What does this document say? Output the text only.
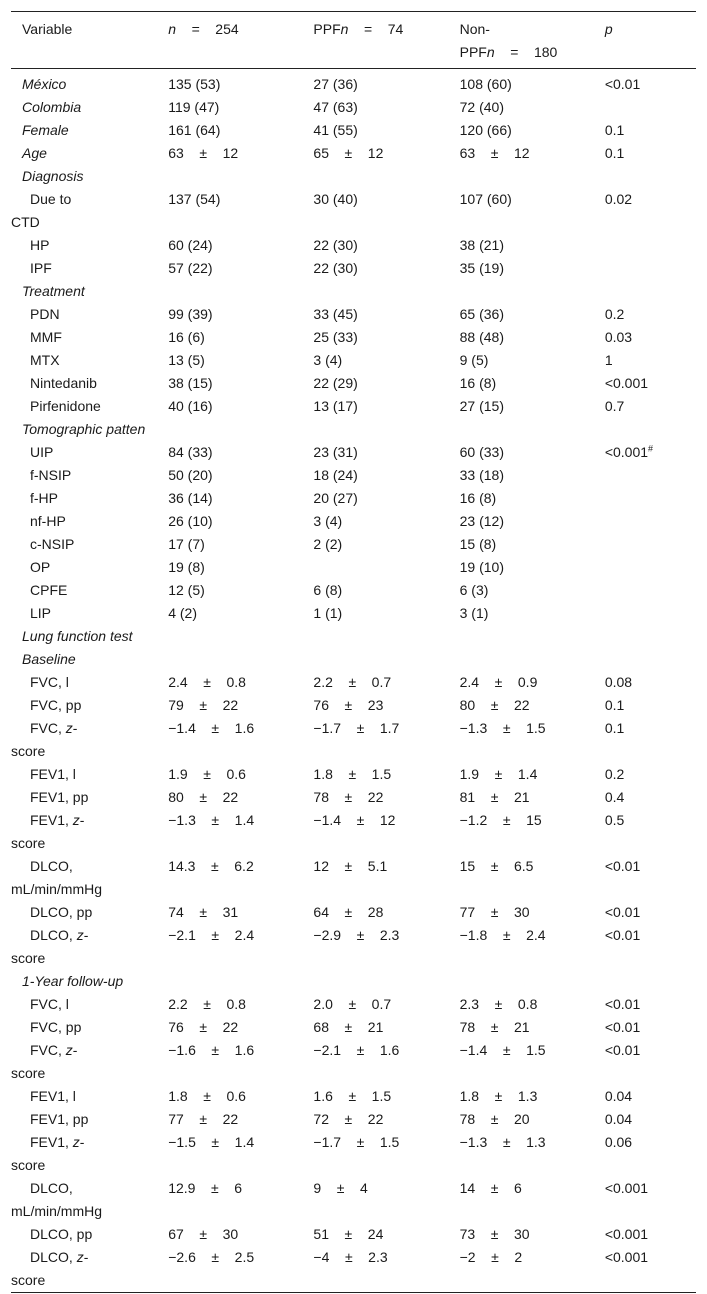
Variable	n    =    254	PPFn    =    74	Non-
PPFn    =    180	p
México	135 (53)	27 (36)	108 (60)	<0.01
Colombia	119 (47)	47 (63)	72 (40)	
Female	161 (64)	41 (55)	120 (66)	0.1
Age	63    ±    12	65    ±    12	63    ±    12	0.1
Diagnosis				

Due to
CTD	137 (54)	30 (40)	107 (60)	0.02

HP	60 (24)	22 (30)	38 (21)	

IPF	57 (22)	22 (30)	35 (19)	
Treatment				

PDN	99 (39)	33 (45)	65 (36)	0.2

MMF	16 (6)	25 (33)	88 (48)	0.03

MTX	13 (5)	3 (4)	9 (5)	1

Nintedanib	38 (15)	22 (29)	16 (8)	<0.001

Pirfenidone	40 (16)	13 (17)	27 (15)	0.7
Tomographic patten				

UIP	84 (33)	23 (31)	60 (33)	<0.001#

f-NSIP	50 (20)	18 (24)	33 (18)	

f-HP	36 (14)	20 (27)	16 (8)	

nf-HP	26 (10)	3 (4)	23 (12)	

c-NSIP	17 (7)	2 (2)	15 (8)	

OP	19 (8)		19 (10)	

CPFE	12 (5)	6 (8)	6 (3)	

LIP	4 (2)	1 (1)	3 (1)	
Lung function test				
Baseline				

FVC, l	2.4    ±    0.8	2.2    ±    0.7	2.4    ±    0.9	0.08

FVC, pp	79    ±    22	76    ±    23	80    ±    22	0.1

FVC, z-
score	−1.4    ±    1.6	−1.7    ±    1.7	−1.3    ±    1.5	0.1

FEV1, l	1.9    ±    0.6	1.8    ±    1.5	1.9    ±    1.4	0.2

FEV1, pp	80    ±    22	78    ±    22	81    ±    21	0.4

FEV1, z-
score	−1.3    ±    1.4	−1.4    ±    12	−1.2    ±    15	0.5

DLCO,
mL/min/mmHg	14.3    ±    6.2	12    ±    5.1	15    ±    6.5	<0.01

DLCO, pp	74    ±    31	64    ±    28	77    ±    30	<0.01

DLCO, z-
score	−2.1    ±    2.4	−2.9    ±    2.3	−1.8    ±    2.4	<0.01
1-Year follow-up				

FVC, l	2.2    ±    0.8	2.0    ±    0.7	2.3    ±    0.8	<0.01

FVC, pp	76    ±    22	68    ±    21	78    ±    21	<0.01

FVC, z-
score	−1.6    ±    1.6	−2.1    ±    1.6	−1.4    ±    1.5	<0.01

FEV1, l	1.8    ±    0.6	1.6    ±    1.5	1.8    ±    1.3	0.04

FEV1, pp	77    ±    22	72    ±    22	78    ±    20	0.04

FEV1, z-
score	−1.5    ±    1.4	−1.7    ±    1.5	−1.3    ±    1.3	0.06

DLCO,
mL/min/mmHg	12.9    ±    6	9    ±    4	14    ±    6	<0.001

DLCO, pp	67    ±    30	51    ±    24	73    ±    30	<0.001

DLCO, z-
score	−2.6    ±    2.5	−4    ±    2.3	−2    ±    2	<0.001
